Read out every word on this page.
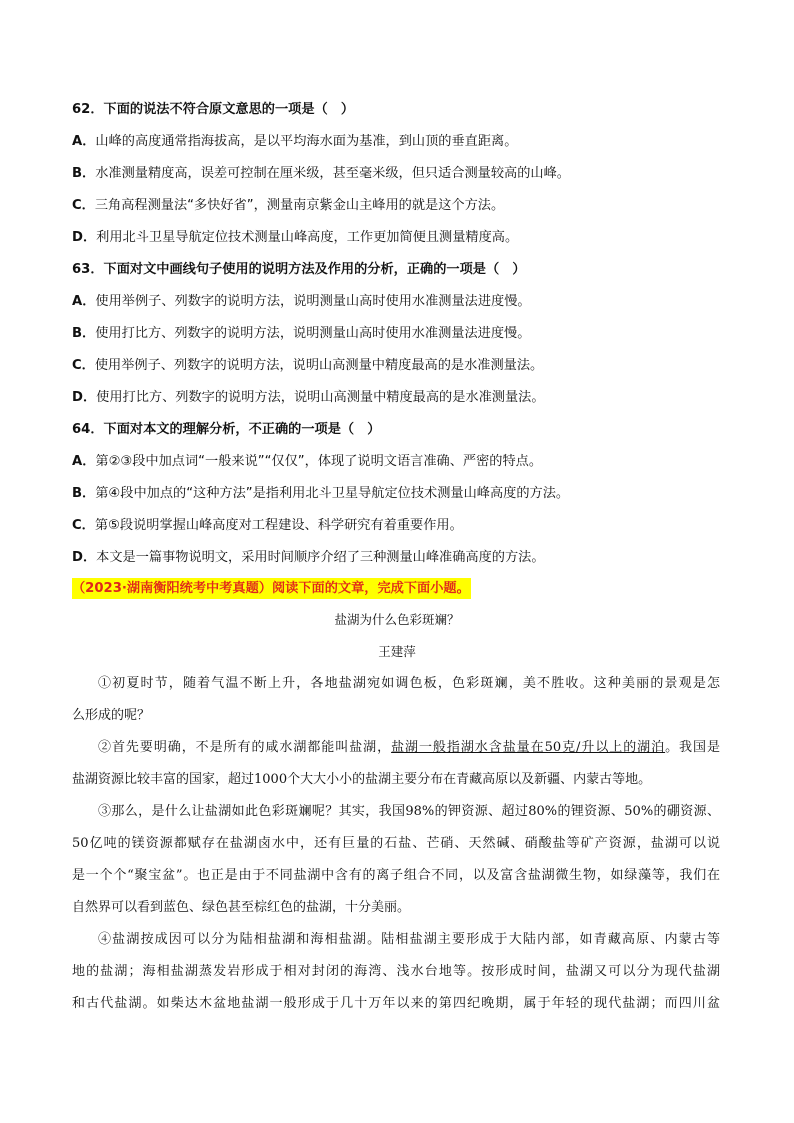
62．下面的说法不符合原文意思的一项是（　）
A．山峰的高度通常指海拔高，是以平均海水面为基准，到山顶的垂直距离。
B．水准测量精度高，误差可控制在厘米级，甚至毫米级，但只适合测量较高的山峰。
C．三角高程测量法“多快好省”，测量南京紫金山主峰用的就是这个方法。
D．利用北斗卫星导航定位技术测量山峰高度，工作更加简便且测量精度高。
63．下面对文中画线句子使用的说明方法及作用的分析，正确的一项是（　）
A．使用举例子、列数字的说明方法，说明测量山高时使用水准测量法进度慢。
B．使用打比方、列数字的说明方法，说明测量山高时使用水准测量法进度慢。
C．使用举例子、列数字的说明方法，说明山高测量中精度最高的是水准测量法。
D．使用打比方、列数字的说明方法，说明山高测量中精度最高的是水准测量法。
64．下面对本文的理解分析，不正确的一项是（　）
A．第②③段中加点词“一般来说”“仅仅”，体现了说明文语言准确、严密的特点。
B．第④段中加点的“这种方法”是指利用北斗卫星导航定位技术测量山峰高度的方法。
C．第⑤段说明掌握山峰高度对工程建设、科学研究有着重要作用。
D．本文是一篇事物说明文，采用时间顺序介绍了三种测量山峰准确高度的方法。
（2023·湖南衡阳统考中考真题）阅读下面的文章，完成下面小题。
盐湖为什么色彩斑斓？
王建萍
①初夏时节，随着气温不断上升，各地盐湖宛如调色板，色彩斑斓，美不胜收。这种美丽的景观是怎
么形成的呢？
②首先要明确，不是所有的咸水湖都能叫盐湖，盐湖一般指湖水含盐量在50克/升以上的湖泊。我国是
盐湖资源比较丰富的国家，超过1000个大大小小的盐湖主要分布在青藏高原以及新疆、内蒙古等地。
③那么，是什么让盐湖如此色彩斑斓呢？其实，我国98%的钾资源、超过80%的锂资源、50%的硼资源、
50亿吨的镁资源都赋存在盐湖卤水中，还有巨量的石盐、芒硝、天然碱、硝酸盐等矿产资源，盐湖可以说
是一个个“聚宝盆”。也正是由于不同盐湖中含有的离子组合不同，以及富含盐湖微生物，如绿藻等，我们在
自然界可以看到蓝色、绿色甚至棕红色的盐湖，十分美丽。
④盐湖按成因可以分为陆相盐湖和海相盐湖。陆相盐湖主要形成于大陆内部，如青藏高原、内蒙古等
地的盐湖；海相盐湖蒸发岩形成于相对封闭的海湾、浅水台地等。按形成时间，盐湖又可以分为现代盐湖
和古代盐湖。如柴达木盆地盐湖一般形成于几十万年以来的第四纪晚期，属于年轻的现代盐湖；而四川盆
